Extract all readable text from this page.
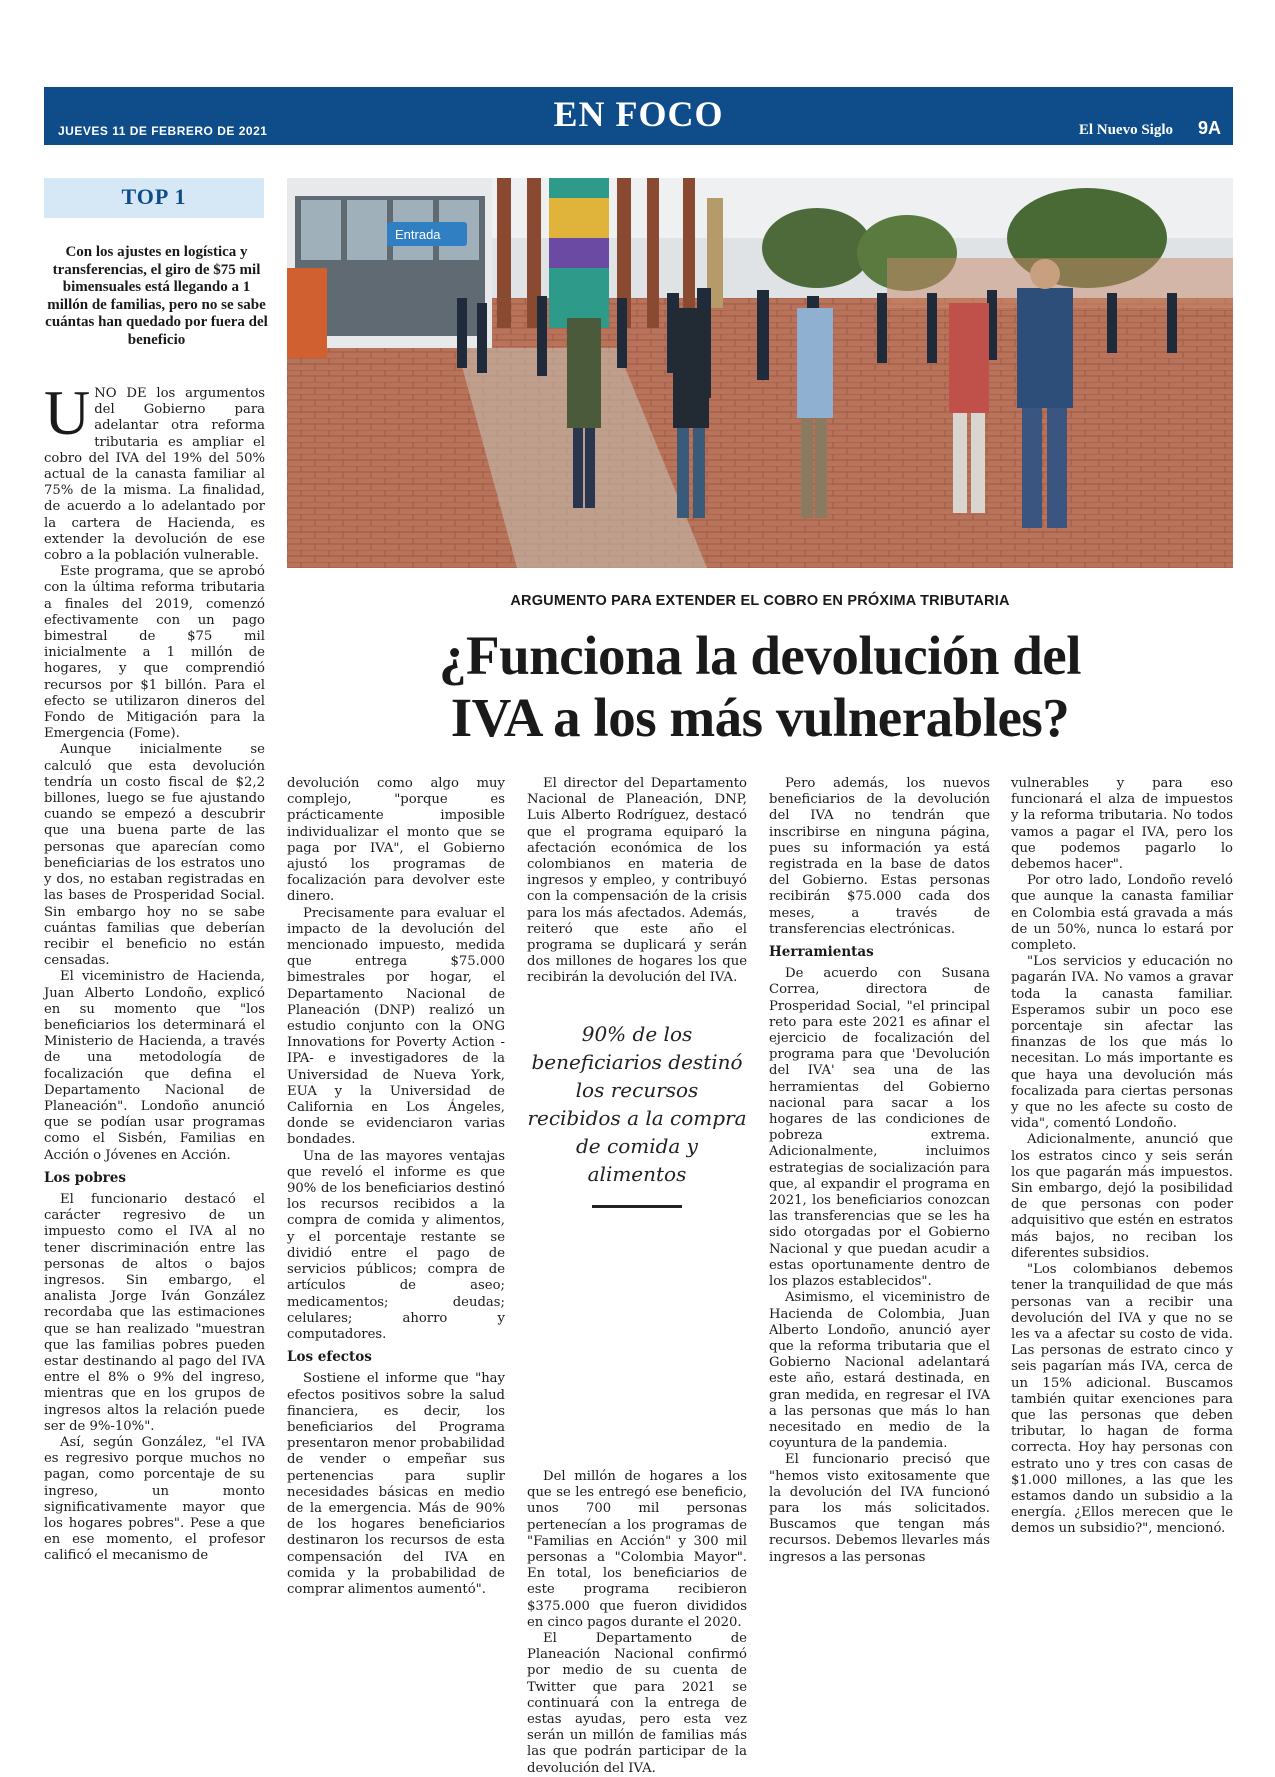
JUEVES 11 DE FEBRERO DE 2021	EN FOCO	El Nuevo Siglo 9A
TOP 1
Con los ajustes en logística y transferencias, el giro de $75 mil bimensuales está llegando a 1 millón de familias, pero no se sabe cuántas han quedado por fuera del beneficio
Entrada
ARGUMENTO PARA EXTENDER EL COBRO EN PRÓXIMA TRIBUTARIA
¿Funciona la devolución del
IVA a los más vulnerables?

UNO DE los argumentos del Gobierno para adelantar otra reforma tributaria es ampliar el cobro del IVA del 19% del 50% actual de la canasta familiar al 75% de la misma. La finalidad, de acuerdo a lo adelantado por la cartera de Hacienda, es extender la devolución de ese cobro a la población vulnerable.

Este programa, que se aprobó con la última reforma tributaria a finales del 2019, comenzó efectivamente con un pago bimestral de $75 mil inicialmente a 1 millón de hogares, y que comprendió recursos por $1 billón. Para el efecto se utilizaron dineros del Fondo de Mitigación para la Emergencia (Fome).

Aunque inicialmente se calculó que esta devolución tendría un costo fiscal de $2,2 billones, luego se fue ajustando cuando se empezó a descubrir que una buena parte de las personas que aparecían como beneficiarias de los estratos uno y dos, no estaban registradas en las bases de Prosperidad Social. Sin embargo hoy no se sabe cuántas familias que deberían recibir el beneficio no están censadas.

El viceministro de Hacienda, Juan Alberto Londoño, explicó en su momento que "los beneficiarios los determinará el Ministerio de Hacienda, a través de una metodología de focalización que defina el Departamento Nacional de Planeación". Londoño anunció que se podían usar programas como el Sisbén, Familias en Acción o Jóvenes en Acción.

Los pobres

El funcionario destacó el carácter regresivo de un impuesto como el IVA al no tener discriminación entre las personas de altos o bajos ingresos. Sin embargo, el analista Jorge Iván González recordaba que las estimaciones que se han realizado "muestran que las familias pobres pueden estar destinando al pago del IVA entre el 8% o 9% del ingreso, mientras que en los grupos de ingresos altos la relación puede ser de 9%-10%".

Así, según González, "el IVA es regresivo porque muchos no pagan, como porcentaje de su ingreso, un monto significativamente mayor que los hogares pobres". Pese a que en ese momento, el profesor calificó el mecanismo de

devolución como algo muy complejo, "porque es prácticamente imposible individualizar el monto que se paga por IVA", el Gobierno ajustó los programas de focalización para devolver este dinero.

Precisamente para evaluar el impacto de la devolución del mencionado impuesto, medida que entrega $75.000 bimestrales por hogar, el Departamento Nacional de Planeación (DNP) realizó un estudio conjunto con la ONG Innovations for Poverty Action -IPA- e investigadores de la Universidad de Nueva York, EUA y la Universidad de California en Los Ángeles, donde se evidenciaron varias bondades.

Una de las mayores ventajas que reveló el informe es que 90% de los beneficiarios destinó los recursos recibidos a la compra de comida y alimentos, y el porcentaje restante se dividió entre el pago de servicios públicos; compra de artículos de aseo; medicamentos; deudas; celulares; ahorro y computadores.

Los efectos

Sostiene el informe que "hay efectos positivos sobre la salud financiera, es decir, los beneficiarios del Programa presentaron menor probabilidad de vender o empeñar sus pertenencias para suplir necesidades básicas en medio de la emergencia. Más de 90% de los hogares beneficiarios destinaron los recursos de esta compensación del IVA en comida y la probabilidad de comprar alimentos aumentó".

El director del Departamento Nacional de Planeación, DNP, Luis Alberto Rodríguez, destacó que el programa equiparó la afectación económica de los colombianos en materia de ingresos y empleo, y contribuyó con la compensación de la crisis para los más afectados. Además, reiteró que este año el programa se duplicará y serán dos millones de hogares los que recibirán la devolución del IVA.

90% de los beneficiarios destinó los recursos recibidos a la compra de comida y alimentos

Del millón de hogares a los que se les entregó ese beneficio, unos 700 mil personas pertenecían a los programas de "Familias en Acción" y 300 mil personas a "Colombia Mayor". En total, los beneficiarios de este programa recibieron $375.000 que fueron divididos en cinco pagos durante el 2020.

El Departamento de Planeación Nacional confirmó por medio de su cuenta de Twitter que para 2021 se continuará con la entrega de estas ayudas, pero esta vez serán un millón de familias más las que podrán participar de la devolución del IVA.

Pero además, los nuevos beneficiarios de la devolución del IVA no tendrán que inscribirse en ninguna página, pues su información ya está registrada en la base de datos del Gobierno. Estas personas recibirán $75.000 cada dos meses, a través de transferencias electrónicas.

Herramientas

De acuerdo con Susana Correa, directora de Prosperidad Social, "el principal reto para este 2021 es afinar el ejercicio de focalización del programa para que 'Devolución del IVA' sea una de las herramientas del Gobierno nacional para sacar a los hogares de las condiciones de pobreza extrema. Adicionalmente, incluimos estrategias de socialización para que, al expandir el programa en 2021, los beneficiarios conozcan las transferencias que se les ha sido otorgadas por el Gobierno Nacional y que puedan acudir a estas oportunamente dentro de los plazos establecidos".

Asimismo, el viceministro de Hacienda de Colombia, Juan Alberto Londoño, anunció ayer que la reforma tributaria que el Gobierno Nacional adelantará este año, estará destinada, en gran medida, en regresar el IVA a las personas que más lo han necesitado en medio de la coyuntura de la pandemia.

El funcionario precisó que "hemos visto exitosamente que la devolución del IVA funcionó para los más solicitados. Buscamos que tengan más recursos. Debemos llevarles más ingresos a las personas

vulnerables y para eso funcionará el alza de impuestos y la reforma tributaria. No todos vamos a pagar el IVA, pero los que podemos pagarlo lo debemos hacer".

Por otro lado, Londoño reveló que aunque la canasta familiar en Colombia está gravada a más de un 50%, nunca lo estará por completo.

"Los servicios y educación no pagarán IVA. No vamos a gravar toda la canasta familiar. Esperamos subir un poco ese porcentaje sin afectar las finanzas de los que más lo necesitan. Lo más importante es que haya una devolución más focalizada para ciertas personas y que no les afecte su costo de vida", comentó Londoño.

Adicionalmente, anunció que los estratos cinco y seis serán los que pagarán más impuestos. Sin embargo, dejó la posibilidad de que personas con poder adquisitivo que estén en estratos más bajos, no reciban los diferentes subsidios.

"Los colombianos debemos tener la tranquilidad de que más personas van a recibir una devolución del IVA y que no se les va a afectar su costo de vida. Las personas de estrato cinco y seis pagarían más IVA, cerca de un 15% adicional. Buscamos también quitar exenciones para que las personas que deben tributar, lo hagan de forma correcta. Hoy hay personas con estrato uno y tres con casas de $1.000 millones, a las que les estamos dando un subsidio a la energía. ¿Ellos merecen que le demos un subsidio?", mencionó.
